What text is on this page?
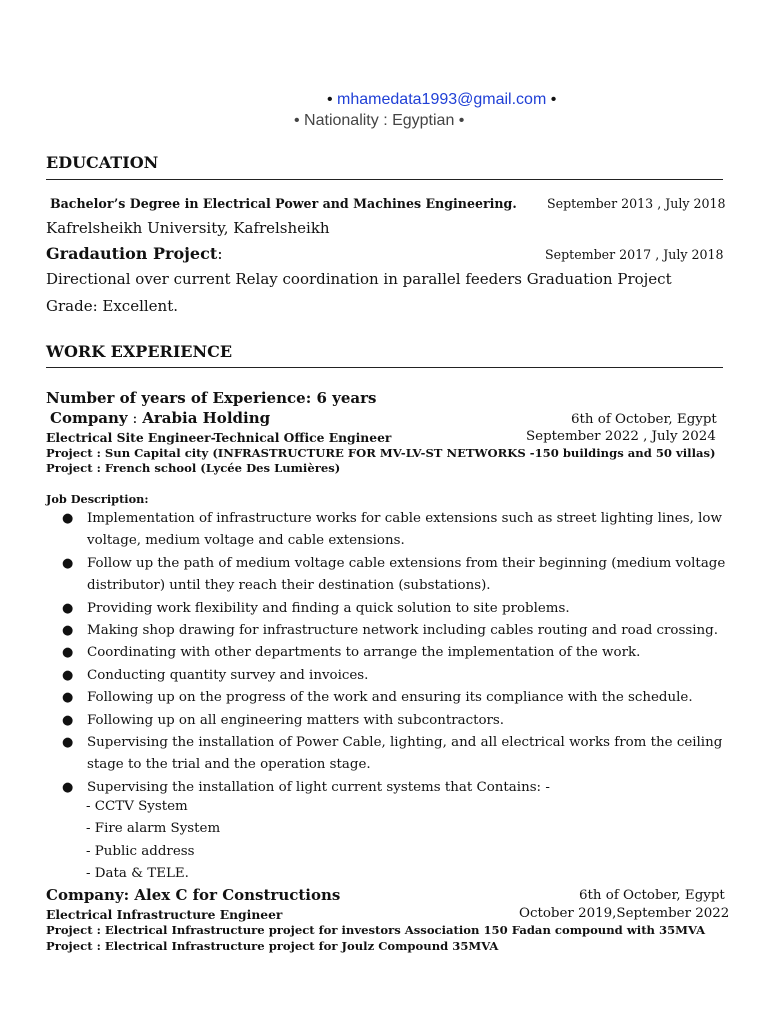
• mhamedata1993@gmail.com •
• Nationality : Egyptian •
EDUCATION
Bachelor’s Degree in Electrical Power and Machines Engineering. September 2013 , July 2018
Kafrelsheikh University, Kafrelsheikh
Gradaution Project:	September 2017 , July 2018
Directional over current Relay coordination in parallel feeders Graduation Project
Grade: Excellent.
WORK EXPERIENCE
Number of years of Experience: 6 years
Company : Arabia Holding	6th of October, Egypt
Electrical Site Engineer-Technical Office Engineer	September 2022 , July 2024
Project : Sun Capital city (INFRASTRUCTURE FOR MV-LV-ST NETWORKS -150 buildings and 50 villas)
Project : French school (Lycée Des Lumières)
Job Description:
● Implementation of infrastructure works for cable extensions such as street lighting lines, low voltage, medium voltage and cable extensions.
● Follow up the path of medium voltage cable extensions from their beginning (medium voltage distributor) until they reach their destination (substations).
● Providing work flexibility and finding a quick solution to site problems.
● Making shop drawing for infrastructure network including cables routing and road crossing.
● Coordinating with other departments to arrange the implementation of the work.
● Conducting quantity survey and invoices.
● Following up on the progress of the work and ensuring its compliance with the schedule.
● Following up on all engineering matters with subcontractors.
● Supervising the installation of Power Cable, lighting, and all electrical works from the ceiling stage to the trial and the operation stage.
● Supervising the installation of light current systems that Contains: -
- CCTV System
- Fire alarm System
- Public address
- Data & TELE.
Company: Alex C for Constructions	6th of October, Egypt
Electrical Infrastructure Engineer	October 2019,September 2022
Project : Electrical Infrastructure project for investors Association 150 Fadan compound with 35MVA
Project : Electrical Infrastructure project for Joulz Compound 35MVA
